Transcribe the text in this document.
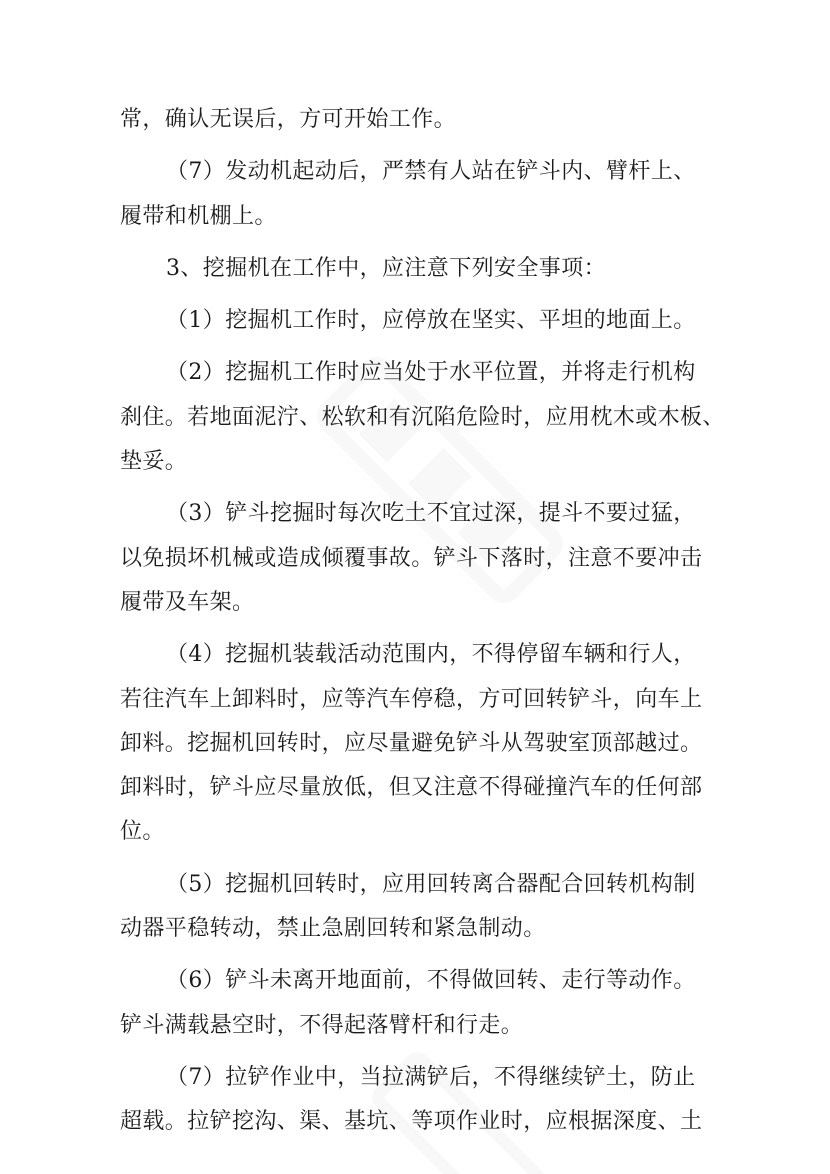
常，确认无误后，方可开始工作。
（7）发动机起动后，严禁有人站在铲斗内、臂杆上、
履带和机棚上。
3、挖掘机在工作中，应注意下列安全事项：
（1）挖掘机工作时，应停放在坚实、平坦的地面上。
（2）挖掘机工作时应当处于水平位置，并将走行机构
刹住。若地面泥泞、松软和有沉陷危险时，应用枕木或木板、
垫妥。
（3）铲斗挖掘时每次吃土不宜过深，提斗不要过猛，
以免损坏机械或造成倾覆事故。铲斗下落时，注意不要冲击
履带及车架。
（4）挖掘机装载活动范围内，不得停留车辆和行人，
若往汽车上卸料时，应等汽车停稳，方可回转铲斗，向车上
卸料。挖掘机回转时，应尽量避免铲斗从驾驶室顶部越过。
卸料时，铲斗应尽量放低，但又注意不得碰撞汽车的任何部
位。
（5）挖掘机回转时，应用回转离合器配合回转机构制
动器平稳转动，禁止急剧回转和紧急制动。
（6）铲斗未离开地面前，不得做回转、走行等动作。
铲斗满载悬空时，不得起落臂杆和行走。
（7）拉铲作业中，当拉满铲后，不得继续铲土，防止
超载。拉铲挖沟、渠、基坑、等项作业时，应根据深度、土
